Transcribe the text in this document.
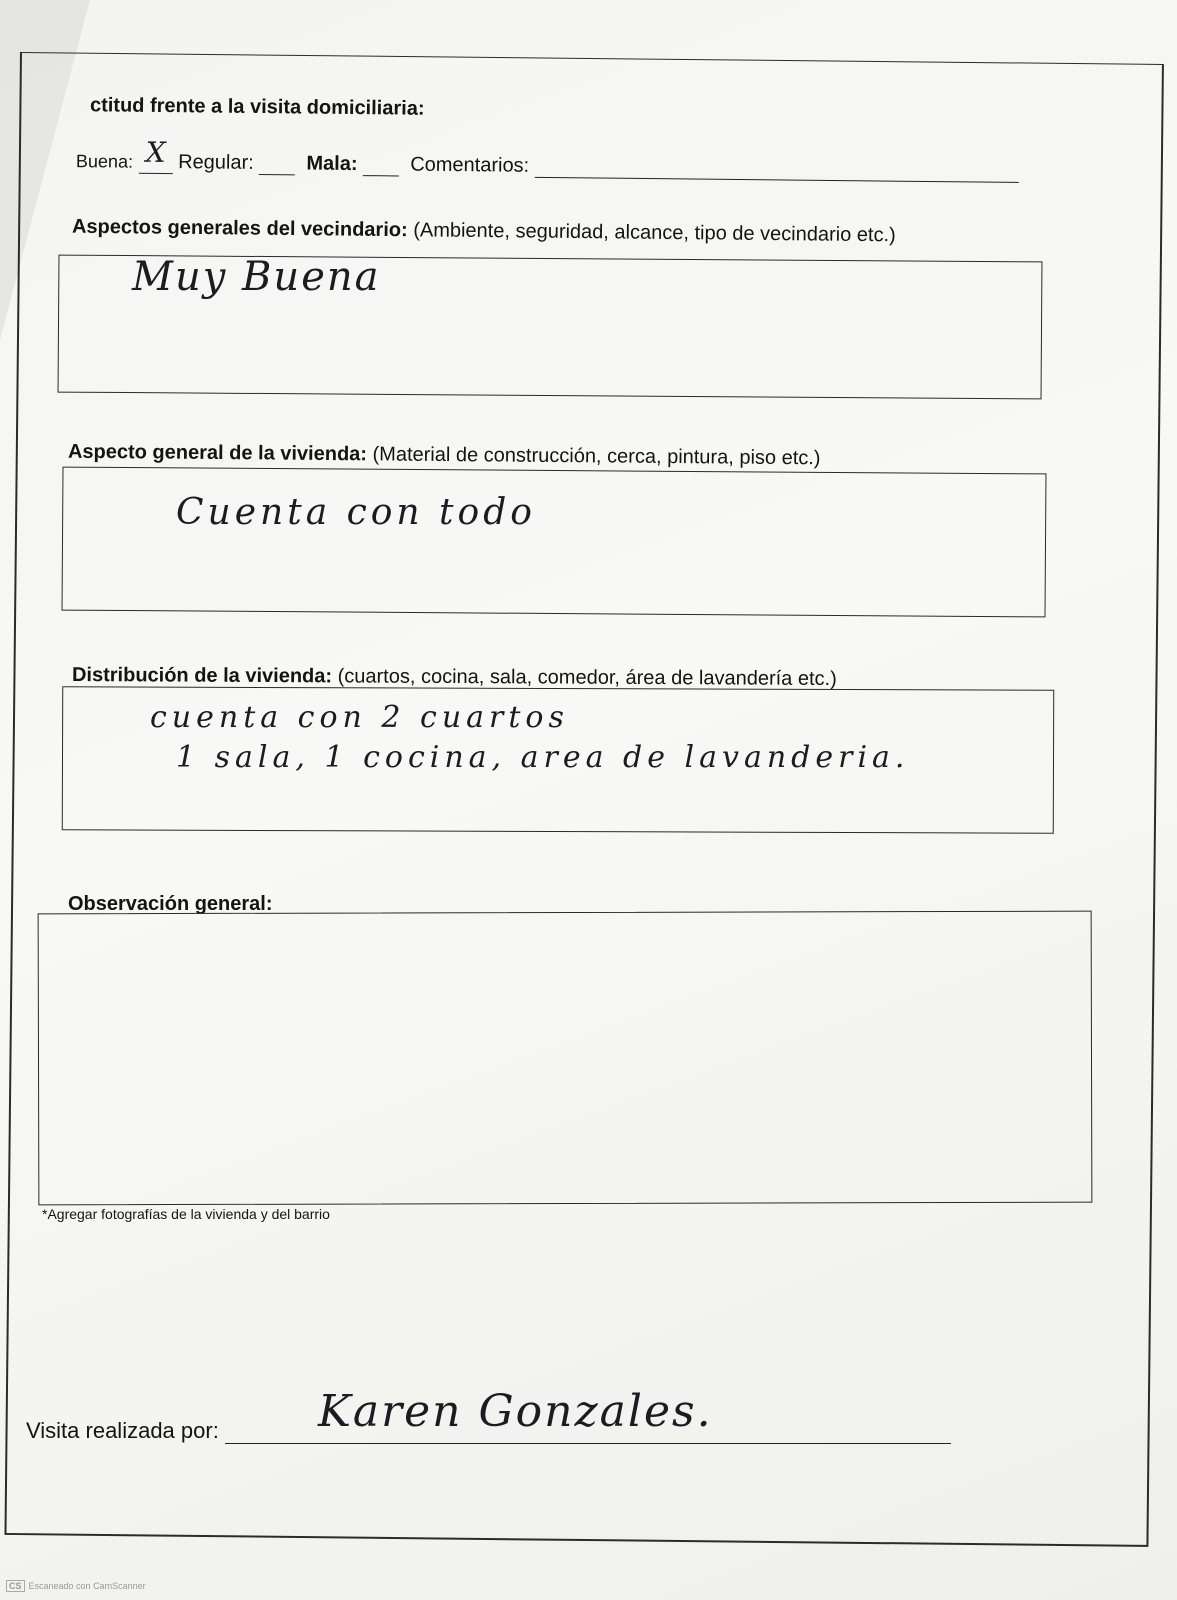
ctitud frente a la visita domiciliaria:
Buena: X Regular:	Mala:	Comentarios:
Aspectos generales del vecindario: (Ambiente, seguridad, alcance, tipo de vecindario etc.)
Muy Buena
Aspecto general de la vivienda: (Material de construcción, cerca, pintura, piso etc.)
Cuenta con todo
Distribución de la vivienda: (cuartos, cocina, sala, comedor, área de lavandería etc.)
cuenta con 2 cuartos
1 sala, 1 cocina, area de lavanderia.
Observación general:
*Agregar fotografías de la vivienda y del barrio
Visita realizada por:	Karen Gonzales.
CS Escaneado con CamScanner
